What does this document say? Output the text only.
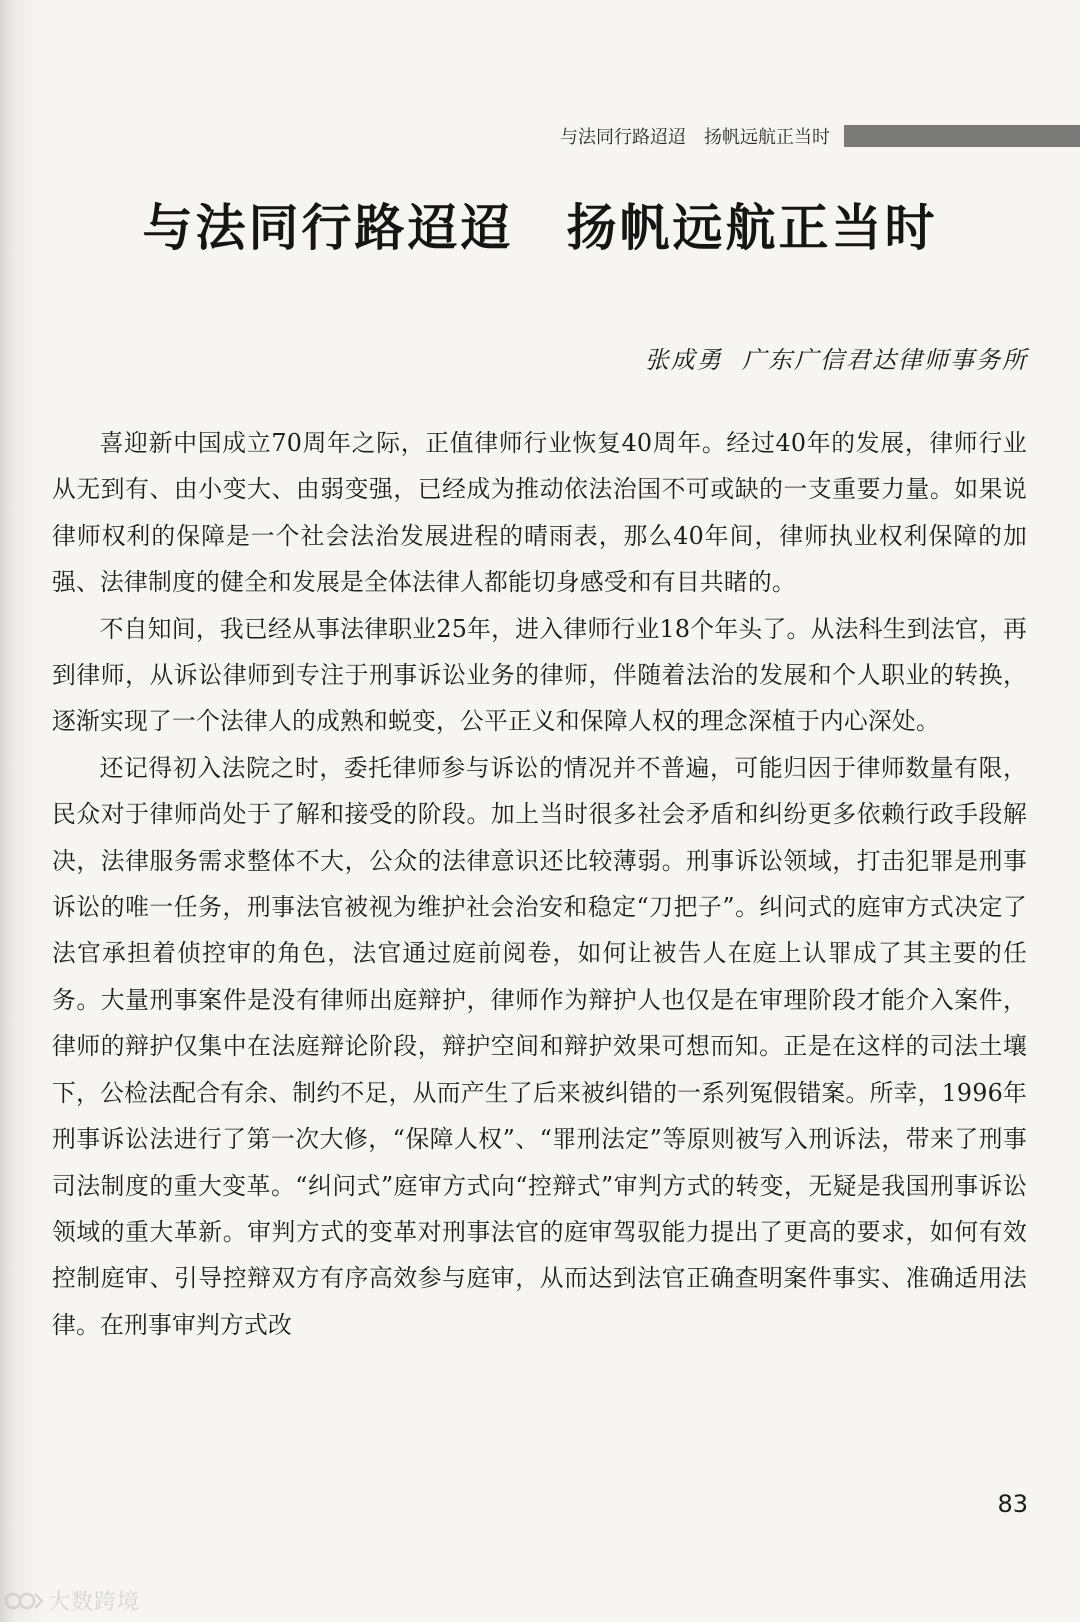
与法同行路迢迢　扬帆远航正当时
与法同行路迢迢　扬帆远航正当时
张成勇  广东广信君达律师事务所

喜迎新中国成立70周年之际，正值律师行业恢复40周年。经过40年的发展，律师行业从无到有、由小变大、由弱变强，已经成为推动依法治国不可或缺的一支重要力量。如果说律师权利的保障是一个社会法治发展进程的晴雨表，那么40年间，律师执业权利保障的加强、法律制度的健全和发展是全体法律人都能切身感受和有目共睹的。

不自知间，我已经从事法律职业25年，进入律师行业18个年头了。从法科生到法官，再到律师，从诉讼律师到专注于刑事诉讼业务的律师，伴随着法治的发展和个人职业的转换，逐渐实现了一个法律人的成熟和蜕变，公平正义和保障人权的理念深植于内心深处。

还记得初入法院之时，委托律师参与诉讼的情况并不普遍，可能归因于律师数量有限，民众对于律师尚处于了解和接受的阶段。加上当时很多社会矛盾和纠纷更多依赖行政手段解决，法律服务需求整体不大，公众的法律意识还比较薄弱。刑事诉讼领域，打击犯罪是刑事诉讼的唯一任务，刑事法官被视为维护社会治安和稳定“刀把子”。纠问式的庭审方式决定了法官承担着侦控审的角色，法官通过庭前阅卷，如何让被告人在庭上认罪成了其主要的任务。大量刑事案件是没有律师出庭辩护，律师作为辩护人也仅是在审理阶段才能介入案件，律师的辩护仅集中在法庭辩论阶段，辩护空间和辩护效果可想而知。正是在这样的司法土壤下，公检法配合有余、制约不足，从而产生了后来被纠错的一系列冤假错案。所幸，1996年刑事诉讼法进行了第一次大修，“保障人权”、“罪刑法定”等原则被写入刑诉法，带来了刑事司法制度的重大变革。“纠问式”庭审方式向“控辩式”审判方式的转变，无疑是我国刑事诉讼领域的重大革新。审判方式的变革对刑事法官的庭审驾驭能力提出了更高的要求，如何有效控制庭审、引导控辩双方有序高效参与庭审，从而达到法官正确查明案件事实、准确适用法律。在刑事审判方式改

83
大数跨境
